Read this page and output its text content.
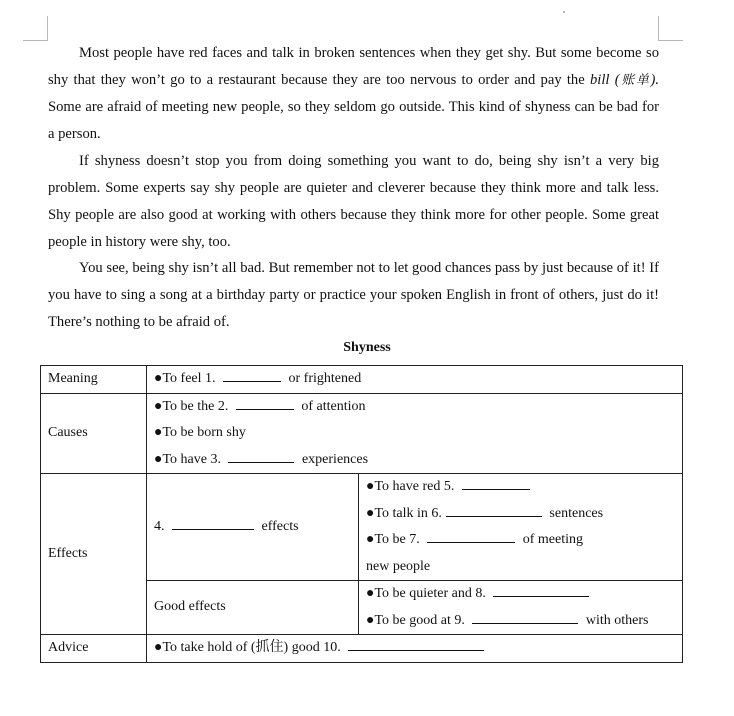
Most people have red faces and talk in broken sentences when they get shy. But some become so shy that they won’t go to a restaurant because they are too nervous to order and pay the bill (账单). Some are afraid of meeting new people, so they seldom go outside. This kind of shyness can be bad for a person.

If shyness doesn’t stop you from doing something you want to do, being shy isn’t a very big problem. Some experts say shy people are quieter and cleverer because they think more and talk less. Shy people are also good at working with others because they think more for other people. Some great people in history were shy, too.

You see, being shy isn’t all bad. But remember not to let good chances pass by just because of it! If you have to sing a song at a birthday party or practice your spoken English in front of others, just do it! There’s nothing to be afraid of.

Shyness
Meaning	●To feel 1. or frightened	

Causes	●To be the 2. of attention
●To be born shy
●To have 3. experiences	

Effects	4. effects	●To have red 5.
●To talk in 6. sentences
●To be 7. of meeting
new people

	Good effects	●To be quieter and 8.
●To be good at 9. with others

Advice	●To take hold of (抓住) good 10.	
